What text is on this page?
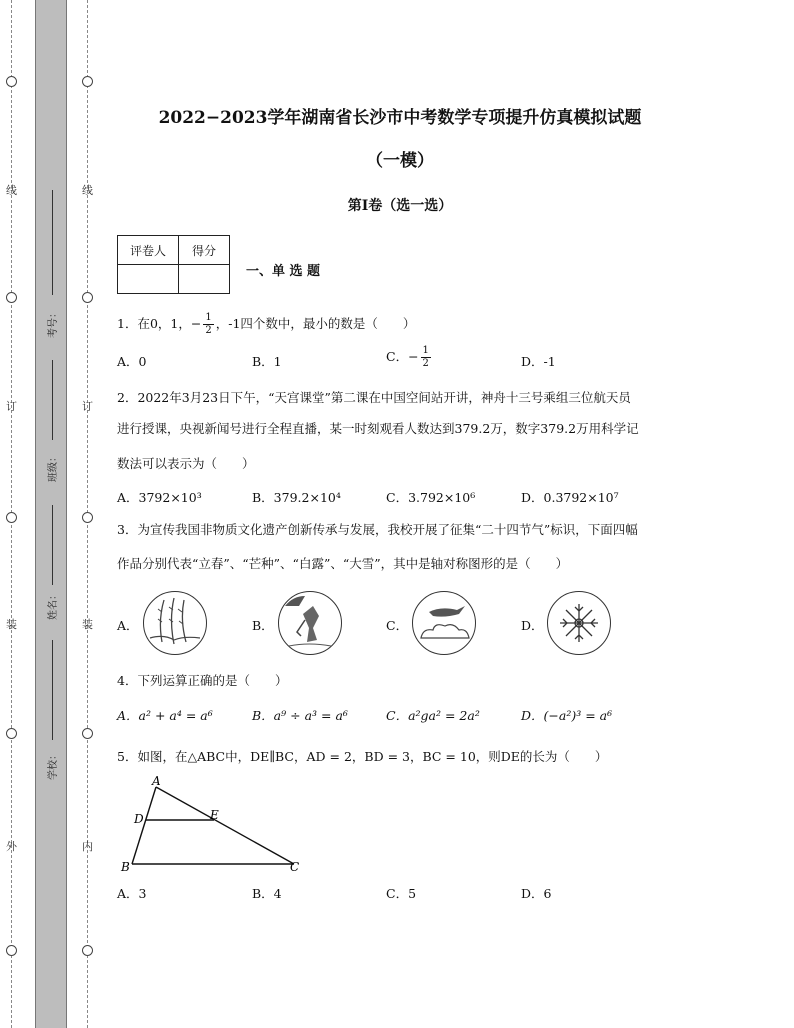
线
订
装
外
线
订
装
内
考号：
班级：
姓名：
学校：
2022−2023学年湖南省长沙市中考数学专项提升仿真模拟试题
（一模）
第I卷（选一选）
评卷人	得分

一、单 选 题
1．在0，1，− $\frac{1}{2}$ ，-1四个数中，最小的数是（　　）
A．0	B．1	C．− $\frac{1}{2}$	D．-1
2．2022年3月23日下午，“天宫课堂”第二课在中国空间站开讲，神舟十三号乘组三位航天员
进行授课，央视新闻号进行全程直播，某一时刻观看人数达到379.2万，数字379.2万用科学记
数法可以表示为（　　）
A．3792×10³	B．379.2×10⁴	C．3.792×10⁶	D．0.3792×10⁷
3．为宣传我国非物质文化遗产创新传承与发展，我校开展了征集“二十四节气”标识，下面四幅
作品分别代表“立春”、“芒种”、“白露”、“大雪”，其中是轴对称图形的是（　　）
A．	B．	C．	D．
4．下列运算正确的是（　　）
A．a² + a⁴ = a⁶	B．a⁹ ÷ a³ = a⁶	C．a²ga² = 2a²	D．(−a²)³ = a⁶
5．如图，在△ABC中，DE∥BC，AD = 2，BD = 3，BC = 10，则DE的长为（　　）
A
D	E
B	C
A．3	B．4	C．5	D．6
